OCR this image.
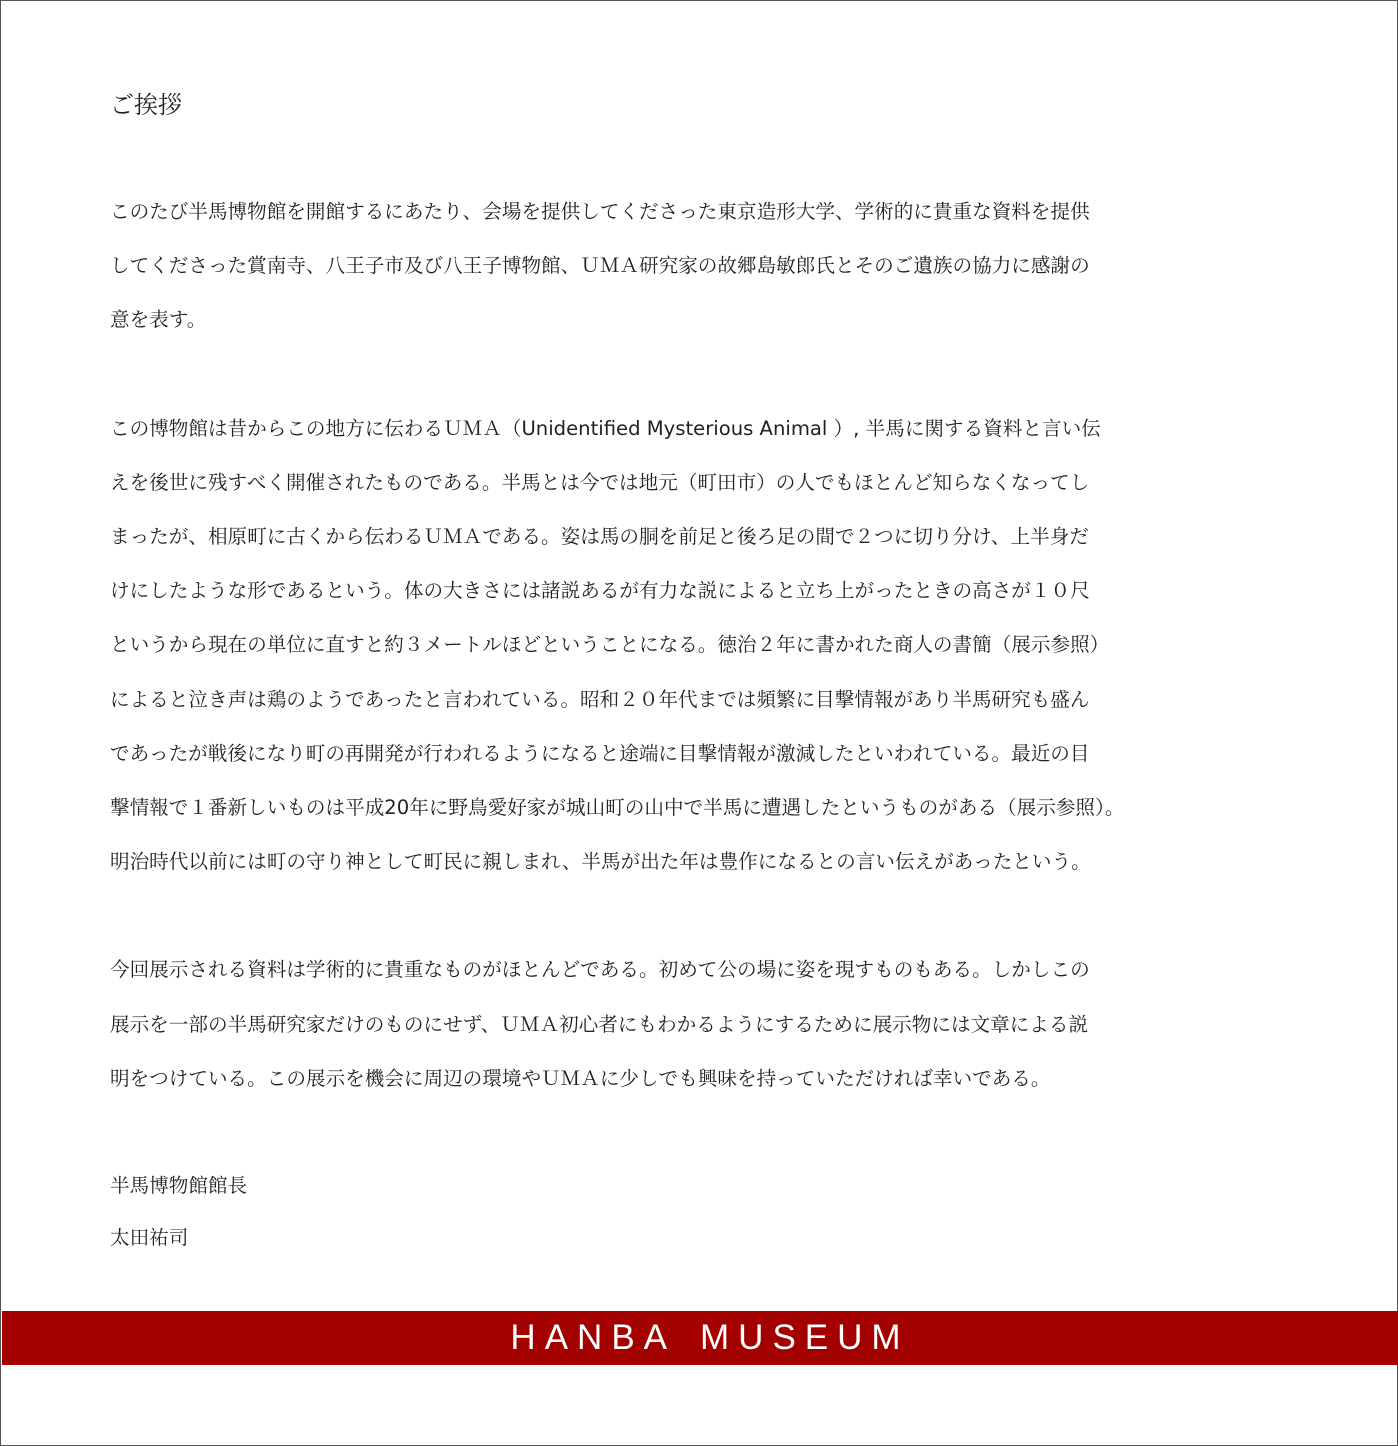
ご挨拶

このたび半馬博物館を開館するにあたり、会場を提供してくださった東京造形大学、学術的に貴重な資料を提供
してくださった賞南寺、八王子市及び八王子博物館、ＵＭＡ研究家の故郷島敏郎氏とそのご遺族の協力に感謝の
意を表す。

この博物館は昔からこの地方に伝わるＵＭＡ（Unidentified Mysterious Animal ）, 半馬に関する資料と言い伝
えを後世に残すべく開催されたものである。半馬とは今では地元（町田市）の人でもほとんど知らなくなってし
まったが、相原町に古くから伝わるＵＭＡである。姿は馬の胴を前足と後ろ足の間で２つに切り分け、上半身だ
けにしたような形であるという。体の大きさには諸説あるが有力な説によると立ち上がったときの高さが１０尺
というから現在の単位に直すと約３メートルほどということになる。徳治２年に書かれた商人の書簡（展示参照）
によると泣き声は鶏のようであったと言われている。昭和２０年代までは頻繁に目撃情報があり半馬研究も盛ん
であったが戦後になり町の再開発が行われるようになると途端に目撃情報が激減したといわれている。最近の目
撃情報で１番新しいものは平成20年に野鳥愛好家が城山町の山中で半馬に遭遇したというものがある（展示参照）。
明治時代以前には町の守り神として町民に親しまれ、半馬が出た年は豊作になるとの言い伝えがあったという。

今回展示される資料は学術的に貴重なものがほとんどである。初めて公の場に姿を現すものもある。しかしこの
展示を一部の半馬研究家だけのものにせず、ＵＭＡ初心者にもわかるようにするために展示物には文章による説
明をつけている。この展示を機会に周辺の環境やＵＭＡに少しでも興味を持っていただければ幸いである。

半馬博物館館長
太田祐司
HANBA MUSEUM
